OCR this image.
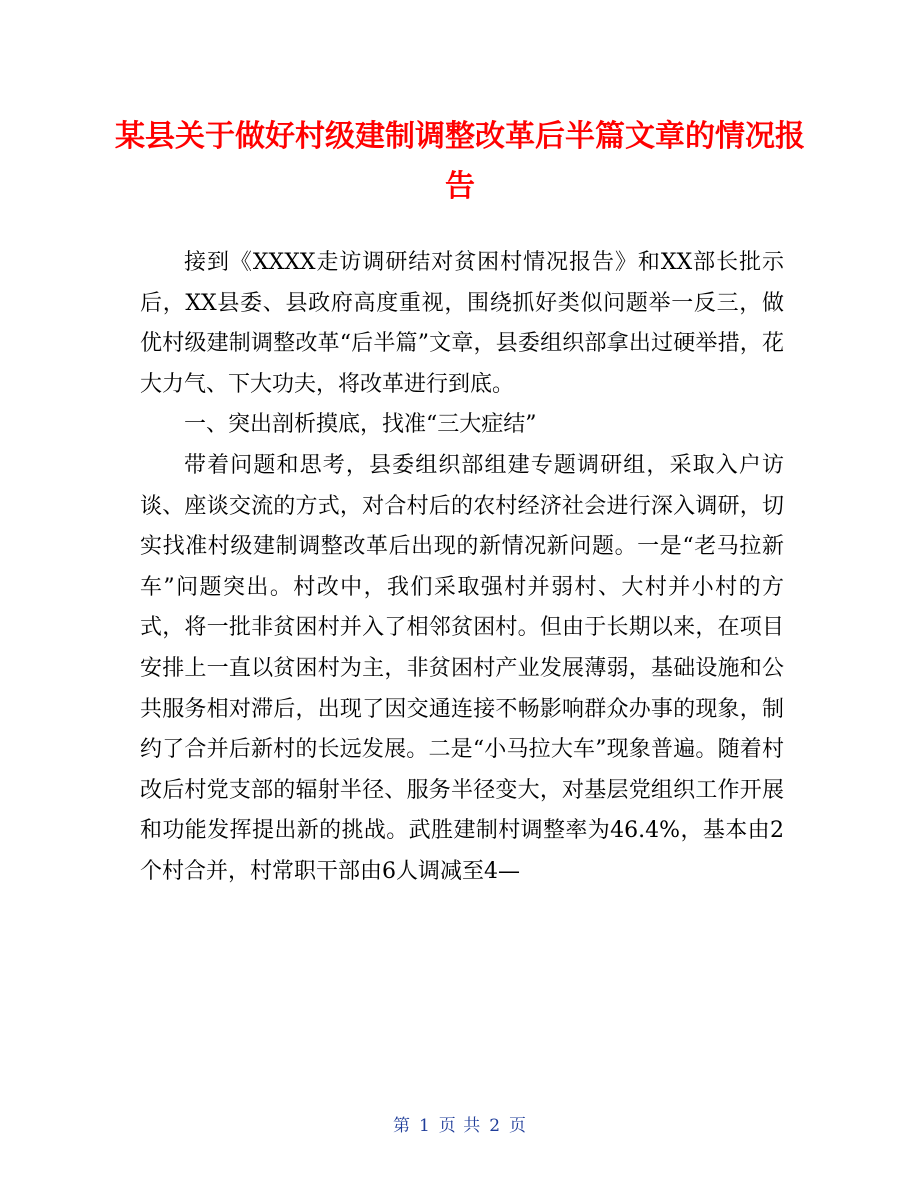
某县关于做好村级建制调整改革后半篇文章的情况报告

接到《XXXX走访调研结对贫困村情况报告》和XX部长批示后，XX县委、县政府高度重视，围绕抓好类似问题举一反三，做优村级建制调整改革“后半篇”文章，县委组织部拿出过硬举措，花大力气、下大功夫，将改革进行到底。

一、突出剖析摸底，找准“三大症结”

带着问题和思考，县委组织部组建专题调研组，采取入户访谈、座谈交流的方式，对合村后的农村经济社会进行深入调研，切实找准村级建制调整改革后出现的新情况新问题。一是“老马拉新车”问题突出。村改中，我们采取强村并弱村、大村并小村的方式，将一批非贫困村并入了相邻贫困村。但由于长期以来，在项目安排上一直以贫困村为主，非贫困村产业发展薄弱，基础设施和公共服务相对滞后，出现了因交通连接不畅影响群众办事的现象，制约了合并后新村的长远发展。二是“小马拉大车”现象普遍。随着村改后村党支部的辐射半径、服务半径变大，对基层党组织工作开展和功能发挥提出新的挑战。武胜建制村调整率为46.4%，基本由2个村合并，村常职干部由6人调减至4—

第 1 页 共 2 页
